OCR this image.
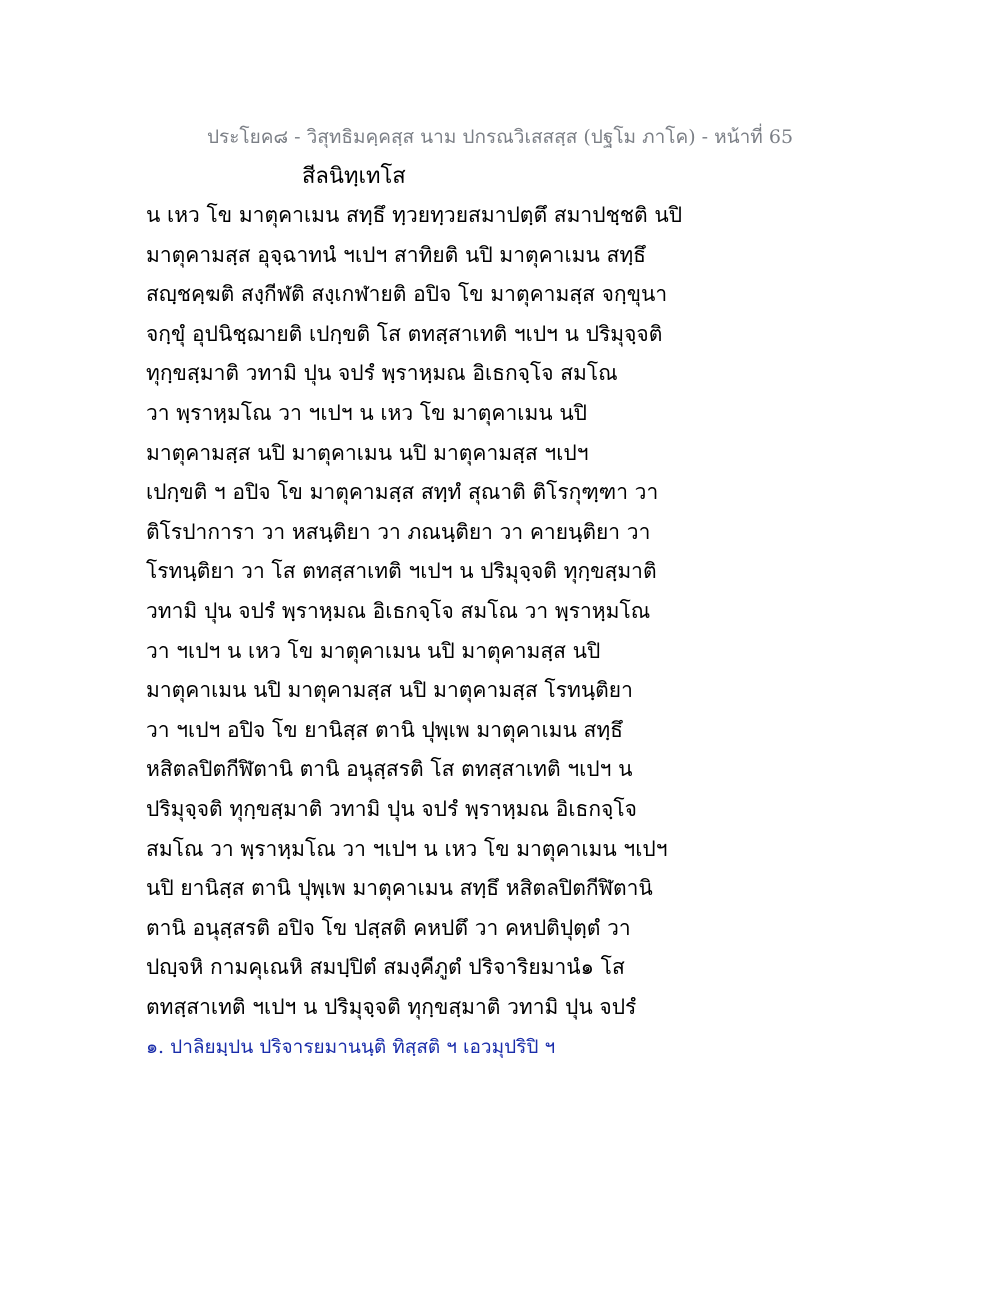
ประโยค๘ - วิสุทธิมคฺคสฺส นาม ปกรณวิเสสสฺส (ปฐโม ภาโค) - หน้าที่ 65
สีลนิทฺเทโส
น เหว โข มาตุคาเมน สทฺธึ ทฺวยทฺวยสมาปตฺตึ สมาปชฺชติ นปิ
มาตุคามสฺส อุจฺฉาทนํ ฯเปฯ สาทิยติ นปิ มาตุคาเมน สทฺธึ
สญฺชคฺฆติ สงฺกีฬติ สงฺเกฬายติ อปิจ โข มาตุคามสฺส จกฺขุนา
จกฺขุํ อุปนิชฺฌายติ เปกฺขติ โส ตทสฺสาเทติ ฯเปฯ น ปริมุจฺจติ
ทุกฺขสฺมาติ วทามิ ปุน จปรํ พฺราหฺมณ อิเธกจฺโจ สมโณ
วา พฺราหฺมโณ วา ฯเปฯ น เหว โข มาตุคาเมน นปิ
มาตุคามสฺส นปิ มาตุคาเมน นปิ มาตุคามสฺส ฯเปฯ
เปกฺขติ ฯ อปิจ โข มาตุคามสฺส สทฺทํ สุณาติ ติโรกุฑฺฑา วา
ติโรปาการา วา หสนฺติยา วา ภณนฺติยา วา คายนฺติยา วา
โรทนฺติยา วา โส ตทสฺสาเทติ ฯเปฯ น ปริมุจฺจติ ทุกฺขสฺมาติ
วทามิ ปุน จปรํ พฺราหฺมณ อิเธกจฺโจ สมโณ วา พฺราหฺมโณ
วา ฯเปฯ น เหว โข มาตุคาเมน นปิ มาตุคามสฺส นปิ
มาตุคาเมน นปิ มาตุคามสฺส นปิ มาตุคามสฺส โรทนฺติยา
วา ฯเปฯ อปิจ โข ยานิสฺส ตานิ ปุพฺเพ มาตุคาเมน สทฺธึ
หสิตลปิตกีฬิตานิ ตานิ อนุสฺสรติ โส ตทสฺสาเทติ ฯเปฯ น
ปริมุจฺจติ ทุกฺขสฺมาติ วทามิ ปุน จปรํ พฺราหฺมณ อิเธกจฺโจ
สมโณ วา พฺราหฺมโณ วา ฯเปฯ น เหว โข มาตุคาเมน ฯเปฯ
นปิ ยานิสฺส ตานิ ปุพฺเพ มาตุคาเมน สทฺธึ หสิตลปิตกีฬิตานิ
ตานิ อนุสฺสรติ อปิจ โข ปสฺสติ คหปตึ วา คหปติปุตฺตํ วา
ปญฺจหิ กามคุเณหิ สมปฺปิตํ สมงฺคีภูตํ ปริจาริยมานํ๑ โส
ตทสฺสาเทติ ฯเปฯ น ปริมุจฺจติ ทุกฺขสฺมาติ วทามิ ปุน จปรํ
๑. ปาลิยมฺปน ปริจารยมานนฺติ ทิสฺสติ ฯ เอวมุปริปิ ฯ
